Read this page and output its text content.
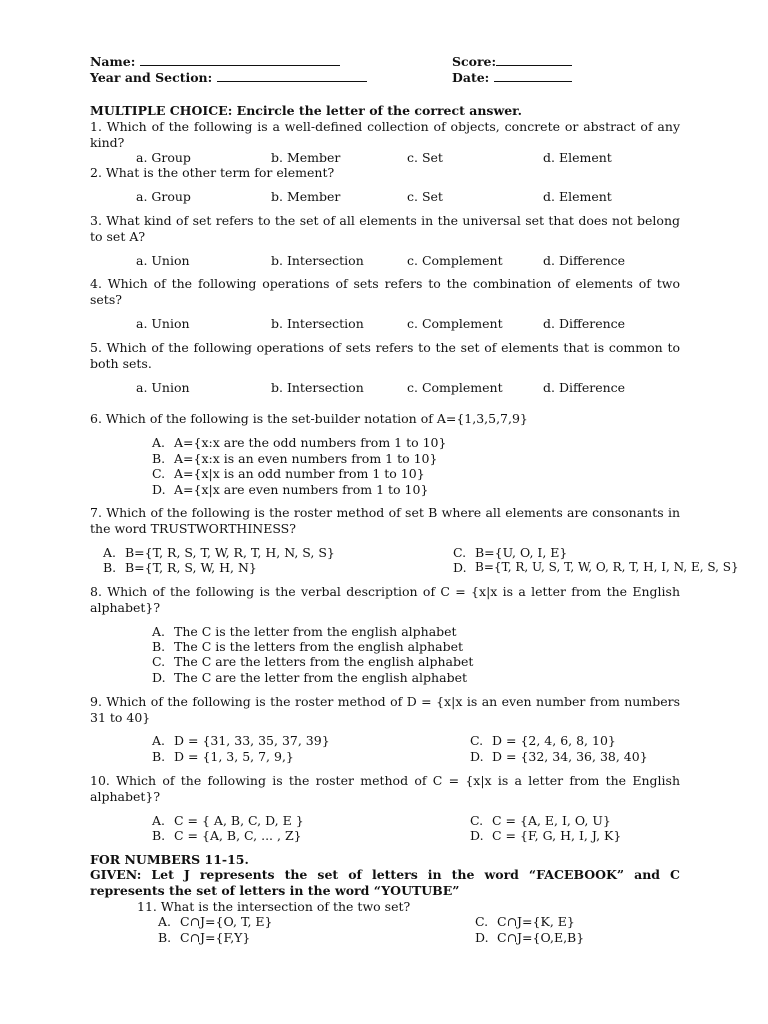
Name:
Year and Section:
Score:
Date:
MULTIPLE CHOICE: Encircle the letter of the correct answer.
1. Which of the following is a well-defined collection of objects, concrete or abstract of any kind?
a. Group	b. Member	c. Set	d. Element
2. What is the other term for element?
a. Group	b. Member	c. Set	d. Element
3. What kind of set refers to the set of all elements in the universal set that does not belong to set A?
a. Union	b. Intersection	c. Complement	d. Difference
4. Which of the following operations of sets refers to the combination of elements of two sets?
a. Union	b. Intersection	c. Complement	d. Difference
5. Which of the following operations of sets refers to the set of elements that is common to both sets.
a. Union	b. Intersection	c. Complement	d. Difference
6. Which of the following is the set-builder notation of A={1,3,5,7,9}
A. A={x:x are the odd numbers from 1 to 10}
B. A={x:x is an even numbers from 1 to 10}
C. A={x|x is an odd number from 1 to 10}
D. A={x|x are even numbers from 1 to 10}
7. Which of the following is the roster method of set B where all elements are consonants in the word TRUSTWORTHINESS?
A. B={T, R, S, T, W, R, T, H, N, S, S}
B. B={T, R, S, W, H, N}
C. B={U, O, I, E}
D. B={T, R, U, S, T, W, O, R, T, H, I, N, E, S, S}
8. Which of the following is the verbal description of C = {x|x is a letter from the English alphabet}?
A. The C is the letter from the english alphabet
B. The C is the letters from the english alphabet
C. The C are the letters from the english alphabet
D. The C are the letter from the english alphabet
9. Which of the following is the roster method of D = {x|x is an even number from numbers 31 to 40}
A. D = {31, 33, 35, 37, 39}
B. D = {1, 3, 5, 7, 9,}
C. D = {2, 4, 6, 8, 10}
D. D = {32, 34, 36, 38, 40}
10. Which of the following is the roster method of C = {x|x is a letter from the English alphabet}?
A. C = { A, B, C, D, E }
B. C = {A, B, C, ... , Z}
C. C = {A, E, I, O, U}
D. C = {F, G, H, I, J, K}
FOR NUMBERS 11-15.
GIVEN: Let J represents the set of letters in the word “FACEBOOK” and C represents the set of letters in the word “YOUTUBE”
11. What is the intersection of the two set?
A. C∩J={O, T, E}
B. C∩J={F,Y}
C. C∩J={K, E}
D. C∩J={O,E,B}
